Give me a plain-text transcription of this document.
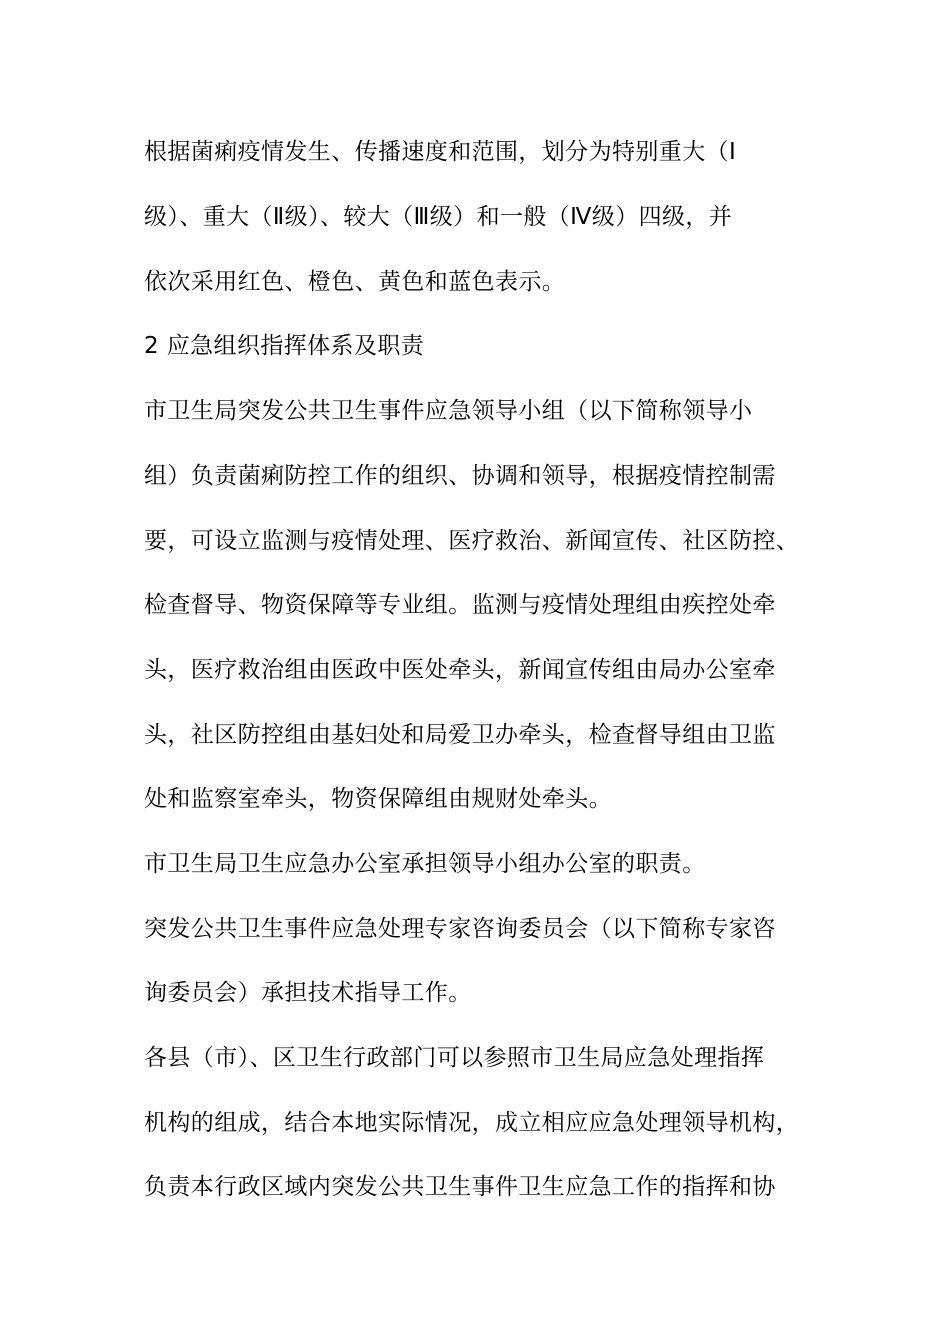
根据菌痢疫情发生、传播速度和范围，划分为特别重大（Ⅰ
级）、重大（Ⅱ级）、较大（Ⅲ级）和一般（Ⅳ级）四级，并
依次采用红色、橙色、黄色和蓝色表示。
2 应急组织指挥体系及职责
市卫生局突发公共卫生事件应急领导小组（以下简称领导小
组）负责菌痢防控工作的组织、协调和领导，根据疫情控制需
要，可设立监测与疫情处理、医疗救治、新闻宣传、社区防控、
检查督导、物资保障等专业组。监测与疫情处理组由疾控处牵
头，医疗救治组由医政中医处牵头，新闻宣传组由局办公室牵
头，社区防控组由基妇处和局爱卫办牵头，检查督导组由卫监
处和监察室牵头，物资保障组由规财处牵头。
市卫生局卫生应急办公室承担领导小组办公室的职责。
突发公共卫生事件应急处理专家咨询委员会（以下简称专家咨
询委员会）承担技术指导工作。
各县（市）、区卫生行政部门可以参照市卫生局应急处理指挥
机构的组成，结合本地实际情况，成立相应应急处理领导机构，
负责本行政区域内突发公共卫生事件卫生应急工作的指挥和协
